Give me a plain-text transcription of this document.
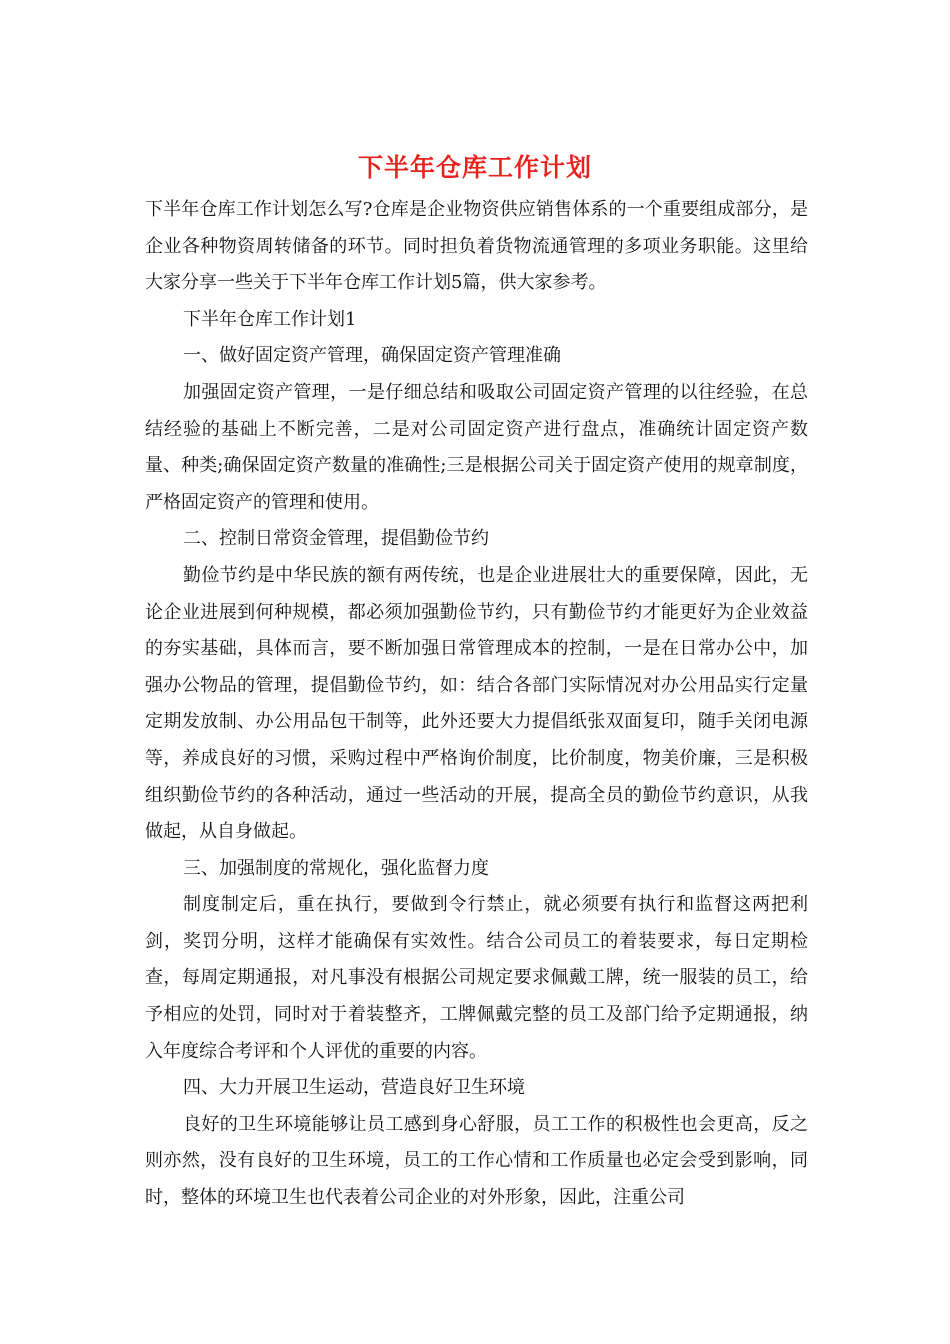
下半年仓库工作计划

下半年仓库工作计划怎么写?仓库是企业物资供应销售体系的一个重要组成部分，是企业各种物资周转储备的环节。同时担负着货物流通管理的多项业务职能。这里给大家分享一些关于下半年仓库工作计划5篇，供大家参考。

下半年仓库工作计划1

一、做好固定资产管理，确保固定资产管理准确

加强固定资产管理，一是仔细总结和吸取公司固定资产管理的以往经验，在总结经验的基础上不断完善，二是对公司固定资产进行盘点，准确统计固定资产数量、种类;确保固定资产数量的准确性;三是根据公司关于固定资产使用的规章制度，严格固定资产的管理和使用。

二、控制日常资金管理，提倡勤俭节约

勤俭节约是中华民族的额有两传统，也是企业进展壮大的重要保障，因此，无论企业进展到何种规模，都必须加强勤俭节约，只有勤俭节约才能更好为企业效益的夯实基础，具体而言，要不断加强日常管理成本的控制，一是在日常办公中，加强办公物品的管理，提倡勤俭节约，如：结合各部门实际情况对办公用品实行定量定期发放制、办公用品包干制等，此外还要大力提倡纸张双面复印，随手关闭电源等，养成良好的习惯，采购过程中严格询价制度，比价制度，物美价廉，三是积极组织勤俭节约的各种活动，通过一些活动的开展，提高全员的勤俭节约意识，从我做起，从自身做起。

三、加强制度的常规化，强化监督力度

制度制定后，重在执行，要做到令行禁止，就必须要有执行和监督这两把利剑，奖罚分明，这样才能确保有实效性。结合公司员工的着装要求，每日定期检查，每周定期通报，对凡事没有根据公司规定要求佩戴工牌，统一服装的员工，给予相应的处罚，同时对于着装整齐，工牌佩戴完整的员工及部门给予定期通报，纳入年度综合考评和个人评优的重要的内容。

四、大力开展卫生运动，营造良好卫生环境

良好的卫生环境能够让员工感到身心舒服，员工工作的积极性也会更高，反之则亦然，没有良好的卫生环境，员工的工作心情和工作质量也必定会受到影响，同时，整体的环境卫生也代表着公司企业的对外形象，因此，注重公司
